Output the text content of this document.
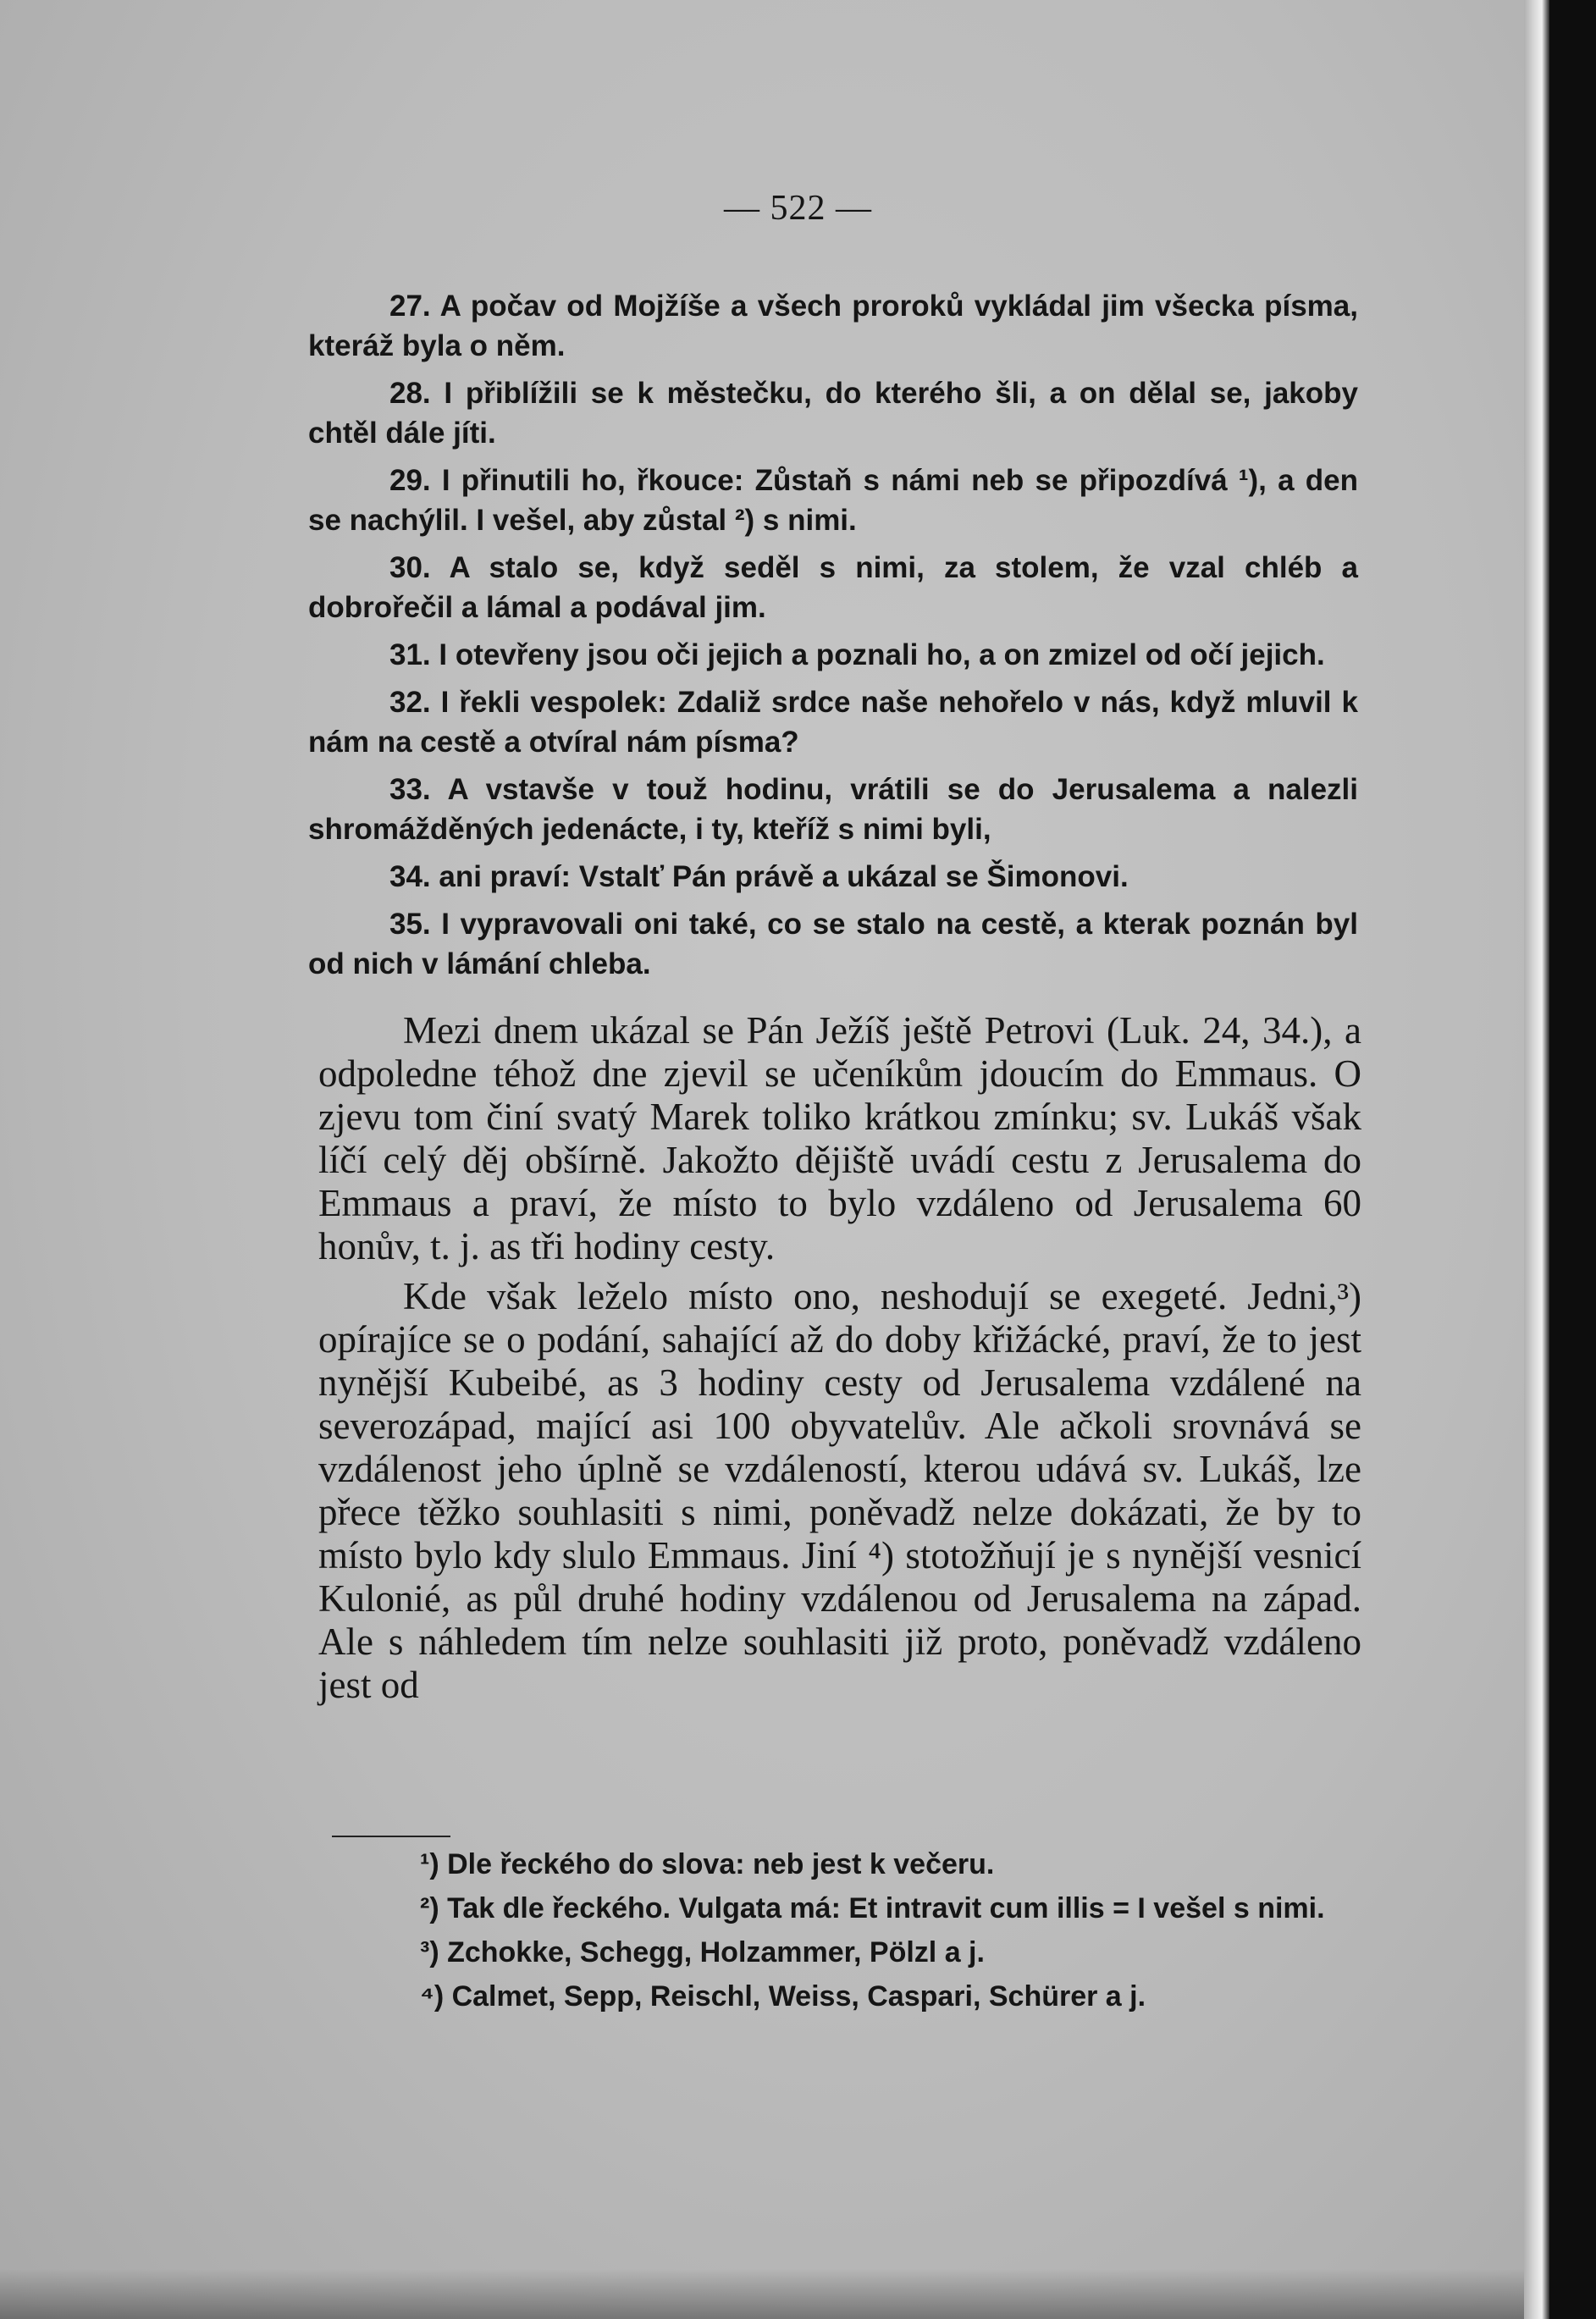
— 522 —

27. A počav od Mojžíše a všech proroků vykládal jim všecka písma, kteráž byla o něm.

28. I přiblížili se k městečku, do kterého šli, a on dělal se, jakoby chtěl dále jíti.

29. I přinutili ho, řkouce: Zůstaň s námi neb se připozdívá ¹), a den se nachýlil. I vešel, aby zůstal ²) s nimi.

30. A stalo se, když seděl s nimi, za stolem, že vzal chléb a dobrořečil a lámal a podával jim.

31. I otevřeny jsou oči jejich a poznali ho, a on zmizel od očí jejich.

32. I řekli vespolek: Zdaliž srdce naše nehořelo v nás, když mluvil k nám na cestě a otvíral nám písma?

33. A vstavše v touž hodinu, vrátili se do Jerusalema a nalezli shromážděných jedenácte, i ty, kteříž s nimi byli,

34. ani praví: Vstalť Pán právě a ukázal se Šimonovi.

35. I vypravovali oni také, co se stalo na cestě, a kterak poznán byl od nich v lámání chleba.

Mezi dnem ukázal se Pán Ježíš ještě Petrovi (Luk. 24, 34.), a odpoledne téhož dne zjevil se učeníkům jdoucím do Emmaus. O zjevu tom činí svatý Marek toliko krátkou zmínku; sv. Lukáš však líčí celý děj obšírně. Jakožto dějiště uvádí cestu z Jerusalema do Emmaus a praví, že místo to bylo vzdáleno od Jerusalema 60 honův, t. j. as tři hodiny cesty.

Kde však leželo místo ono, neshodují se exegeté. Jedni,³) opírajíce se o podání, sahající až do doby křižácké, praví, že to jest nynější Kubeibé, as 3 hodiny cesty od Jerusalema vzdálené na severozápad, mající asi 100 obyvatelův. Ale ačkoli srovnává se vzdálenost jeho úplně se vzdáleností, kterou udává sv. Lukáš, lze přece těžko souhlasiti s nimi, poněvadž nelze dokázati, že by to místo bylo kdy slulo Emmaus. Jiní ⁴) stotožňují je s nynější vesnicí Kulonié, as půl druhé hodiny vzdálenou od Jerusalema na západ. Ale s náhledem tím nelze souhlasiti již proto, poněvadž vzdáleno jest od

¹) Dle řeckého do slova: neb jest k večeru.

²) Tak dle řeckého. Vulgata má: Et intravit cum illis = I vešel s nimi.

³) Zchokke, Schegg, Holzammer, Pölzl a j.

⁴) Calmet, Sepp, Reischl, Weiss, Caspari, Schürer a j.
